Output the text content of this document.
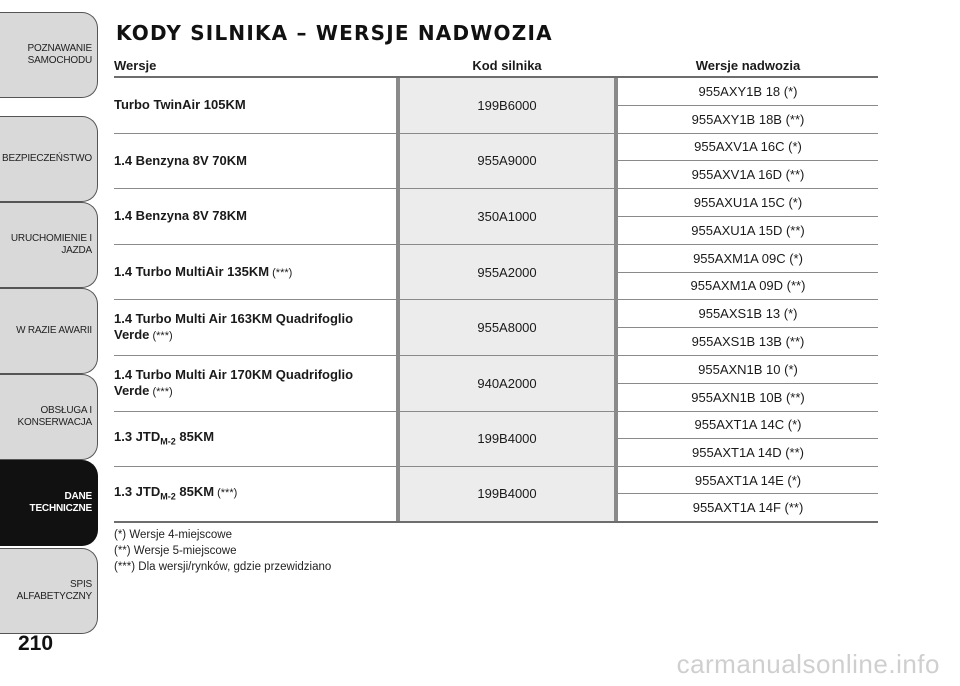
POZNAWANIE
SAMOCHODU
BEZPIECZEŃSTWO
URUCHOMIENIE I
JAZDA
W RAZIE AWARII
OBSŁUGA I
KONSERWACJA
DANE
TECHNICZNE
SPIS ALFABETYCZNY
210
KODY SILNIKA – WERSJE NADWOZIA
Wersje	Kod silnika	Wersje nadwozia
Turbo TwinAir 105KM	199B6000
955AXY1B 18 (*)
955AXY1B 18B (**)
1.4 Benzyna 8V 70KM	955A9000
955AXV1A 16C (*)
955AXV1A 16D (**)
1.4 Benzyna 8V 78KM	350A1000
955AXU1A 15C (*)
955AXU1A 15D (**)
1.4 Turbo MultiAir 135KM (***)	955A2000
955AXM1A 09C (*)
955AXM1A 09D (**)
1.4 Turbo Multi Air 163KM Quadrifoglio Verde (***)
955A8000
955AXS1B 13 (*)
955AXS1B 13B (**)
1.4 Turbo Multi Air 170KM Quadrifoglio Verde (***)
940A2000
955AXN1B 10 (*)
955AXN1B 10B (**)
1.3 $JTD_{M-2}$ 85KM	199B4000
955AXT1A 14C (*)
955AXT1A 14D (**)
1.3 $JTD_{M-2}$ 85KM (***)	199B4000
955AXT1A 14E (*)
955AXT1A 14F (**)
(*) Wersje 4-miejscowe
(**) Wersje 5-miejscowe
(***) Dla wersji/rynków, gdzie przewidziano
carmanualsonline.info
